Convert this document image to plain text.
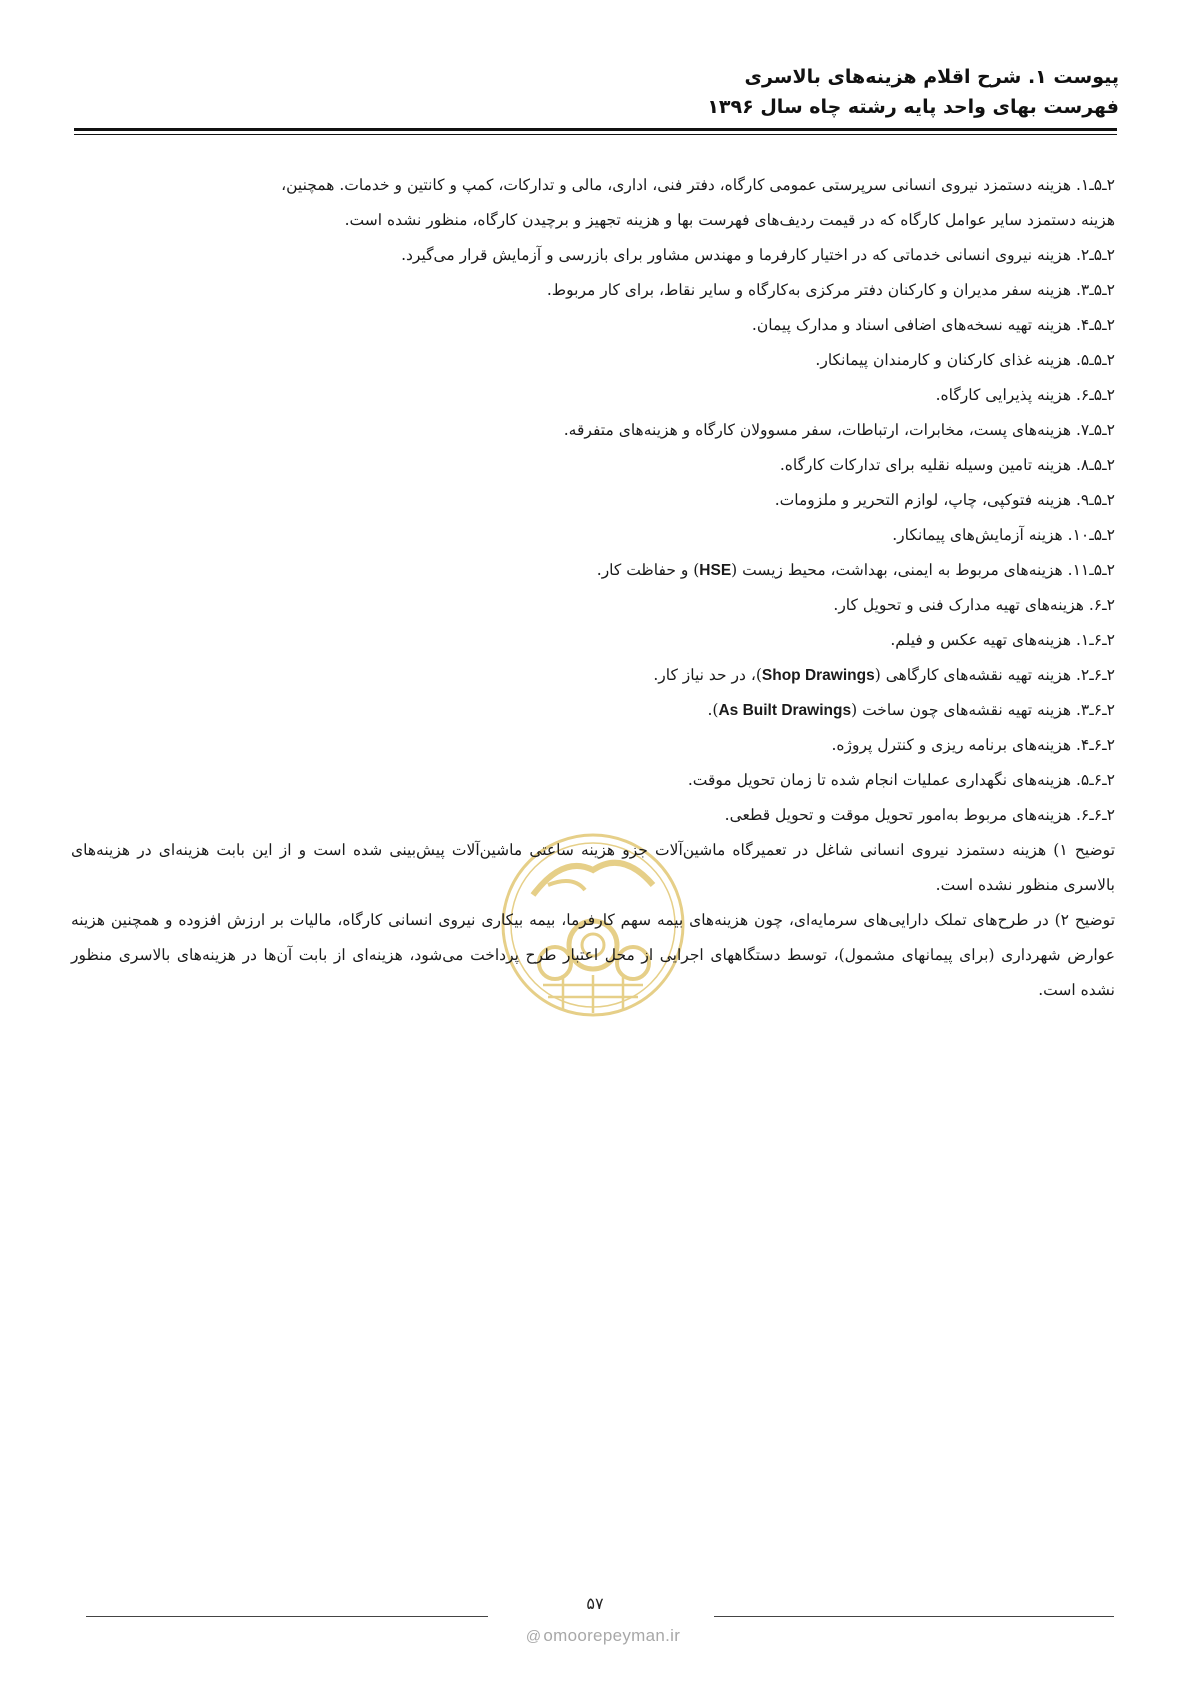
پیوست ۱. شرح اقلام هزینه‌های بالاسری
فهرست بهای واحد پایه رشته چاه سال ۱۳۹۶
۲ـ۵ـ۱. هزینه دستمزد نیروی انسانی سرپرستی عمومی کارگاه، دفتر فنی، اداری، مالی و تدارکات، کمپ و کانتین و خدمات. همچنین،
هزینه دستمزد سایر عوامل کارگاه که در قیمت ردیف‌های فهرست بها و هزینه تجهیز و برچیدن کارگاه، منظور نشده است.
۲ـ۵ـ۲. هزینه نیروی انسانی خدماتی که در اختیار کارفرما و مهندس مشاور برای بازرسی و آزمایش قرار می‌گیرد.
۲ـ۵ـ۳. هزینه سفر مدیران و کارکنان دفتر مرکزی به‌کارگاه و سایر نقاط، برای کار مربوط.
۲ـ۵ـ۴. هزینه تهیه نسخه‌های اضافی اسناد و مدارک پیمان.
۲ـ۵ـ۵. هزینه غذای کارکنان و کارمندان پیمانکار.
۲ـ۵ـ۶. هزینه پذیرایی کارگاه.
۲ـ۵ـ۷. هزینه‌های پست، مخابرات، ارتباطات، سفر مسوولان کارگاه و هزینه‌های متفرقه.
۲ـ۵ـ۸. هزینه تامین وسیله نقلیه برای تدارکات کارگاه.
۲ـ۵ـ۹. هزینه فتوکپی، چاپ، لوازم التحریر و ملزومات.
۲ـ۵ـ۱۰. هزینه آزمایش‌های پیمانکار.
۲ـ۵ـ۱۱. هزینه‌های مربوط به ایمنی، بهداشت، محیط زیست (HSE) و حفاظت کار.
۲ـ۶. هزینه‌های تهیه مدارک فنی و تحویل کار.
۲ـ۶ـ۱. هزینه‌های تهیه عکس و فیلم.
۲ـ۶ـ۲. هزینه تهیه نقشه‌های کارگاهی (Shop Drawings)، در حد نیاز کار.
۲ـ۶ـ۳. هزینه تهیه نقشه‌های چون ساخت (As Built Drawings).
۲ـ۶ـ۴. هزینه‌های برنامه ریزی و کنترل پروژه.
۲ـ۶ـ۵. هزینه‌های نگهداری عملیات انجام شده تا زمان تحویل موقت.
۲ـ۶ـ۶. هزینه‌های مربوط به‌امور تحویل موقت و تحویل قطعی.
توضیح ۱) هزینه دستمزد نیروی انسانی شاغل در تعمیرگاه ماشین‌آلات جزو هزینه ساعتی ماشین‌آلات پیش‌بینی شده است و از این بابت هزینه‌ای در هزینه‌های بالاسری منظور نشده است.
توضیح ۲) در طرح‌های تملک دارایی‌های سرمایه‌ای، چون هزینه‌های بیمه سهم کارفرما، بیمه بیکاری نیروی انسانی کارگاه، مالیات بر ارزش افزوده و همچنین هزینه عوارض شهرداری (برای پیمانهای مشمول)، توسط دستگاههای اجرایی از محل اعتبار طرح پرداخت می‌شود، هزینه‌ای از بابت آن‌ها در هزینه‌های بالاسری منظور نشده است.
۵۷
@ omoorepeyman.ir
